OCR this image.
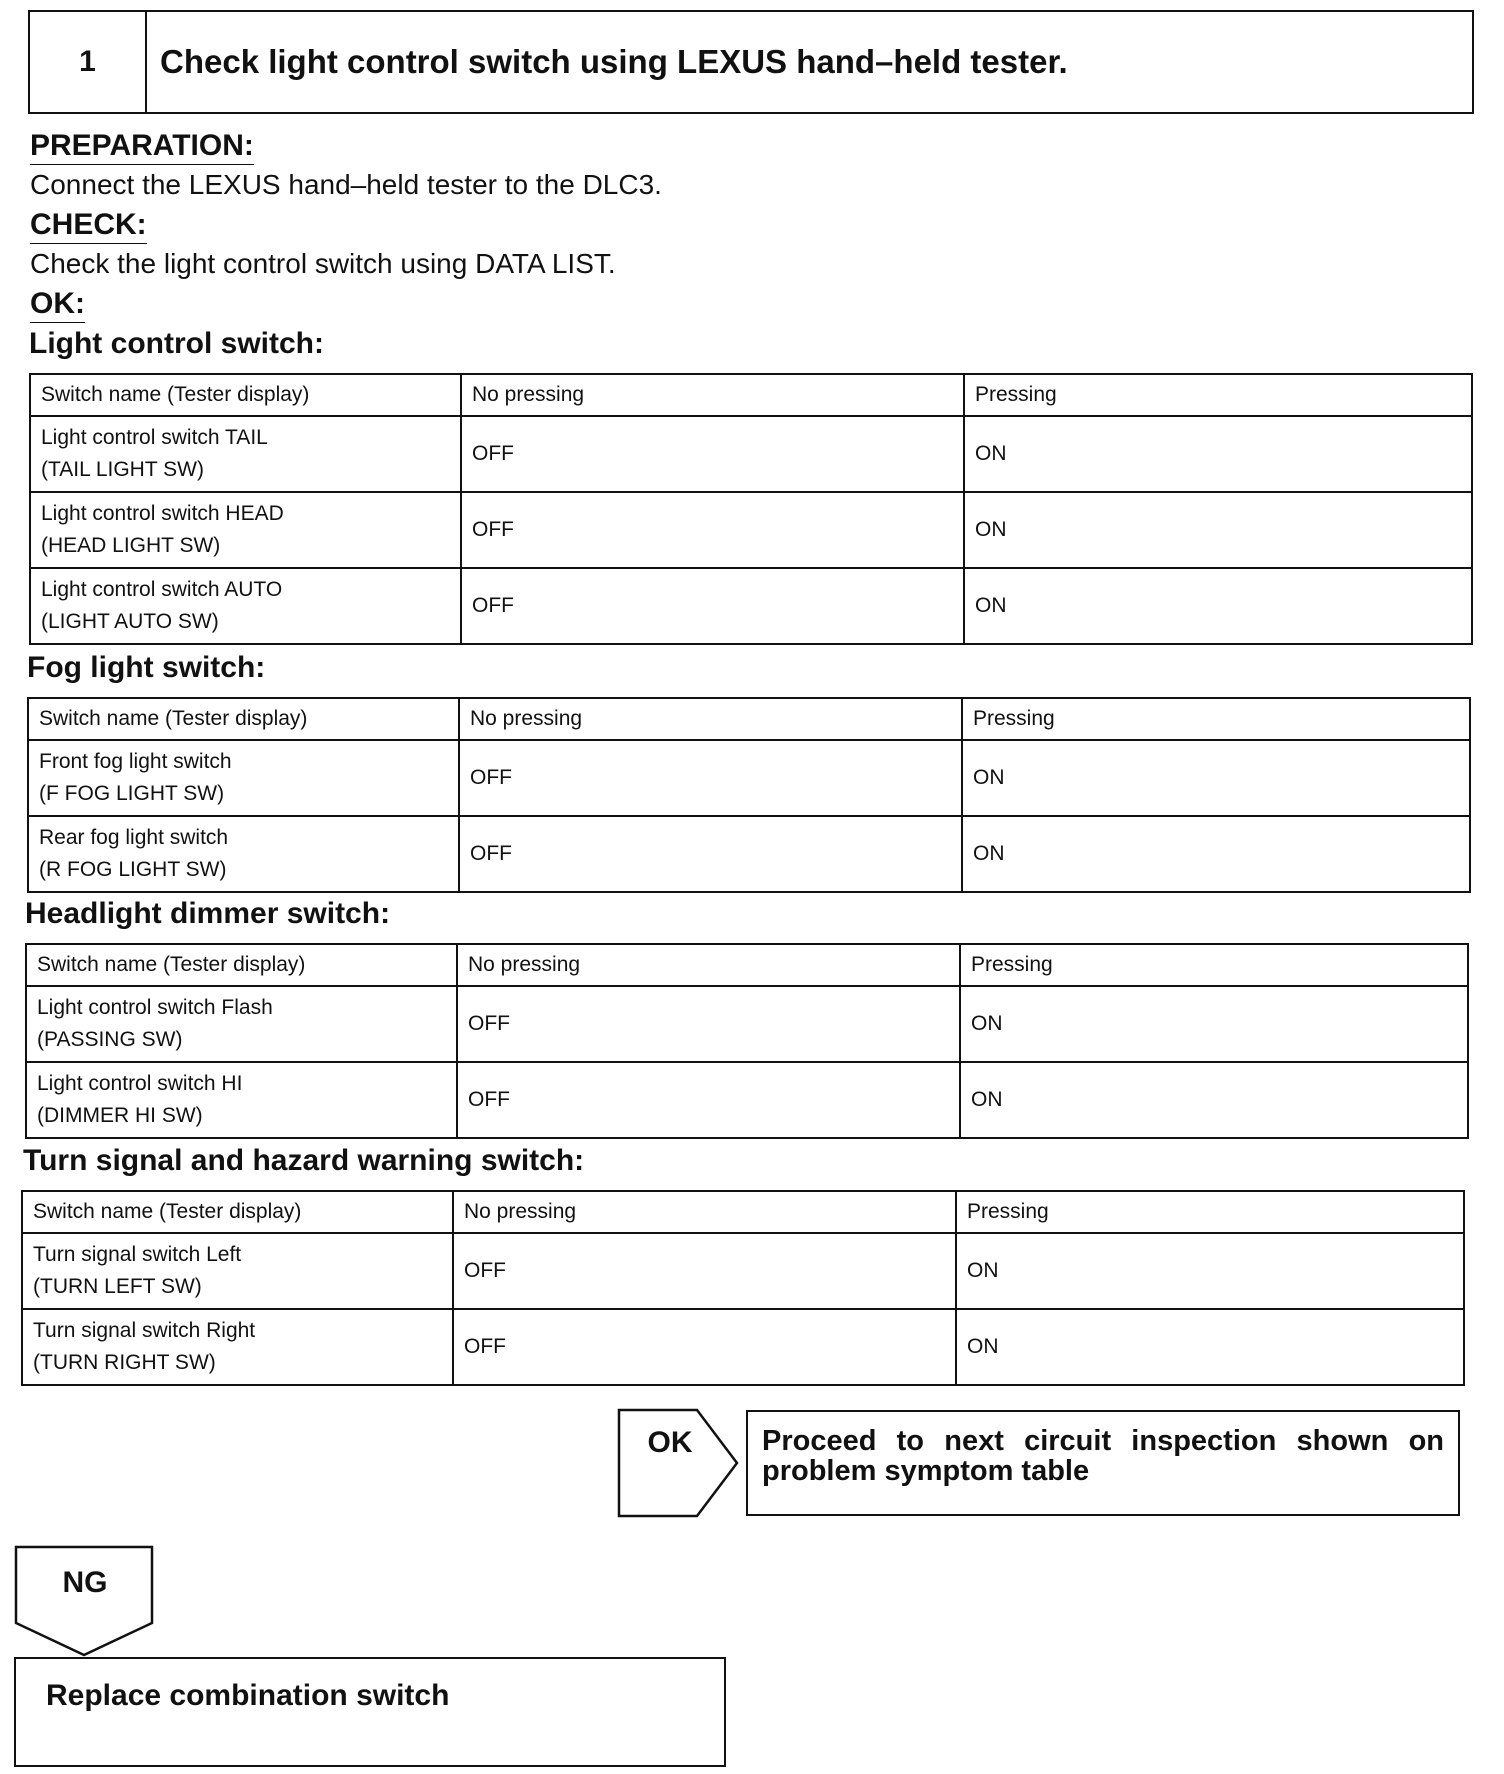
1	Check light control switch using LEXUS hand–held tester.
PREPARATION:
Connect the LEXUS hand–held tester to the DLC3.
CHECK:
Check the light control switch using DATA LIST.
OK:
Light control switch:
Switch name (Tester display)	No pressing	Pressing
Light control switch TAIL
(TAIL LIGHT SW)	OFF	ON
Light control switch HEAD
(HEAD LIGHT SW)	OFF	ON
Light control switch AUTO
(LIGHT AUTO SW)	OFF	ON
Fog light switch:
Switch name (Tester display)	No pressing	Pressing
Front fog light switch
(F FOG LIGHT SW)	OFF	ON
Rear fog light switch
(R FOG LIGHT SW)	OFF	ON
Headlight dimmer switch:
Switch name (Tester display)	No pressing	Pressing
Light control switch Flash
(PASSING SW)	OFF	ON
Light control switch HI
(DIMMER HI SW)	OFF	ON
Turn signal and hazard warning switch:
Switch name (Tester display)	No pressing	Pressing
Turn signal switch Left
(TURN LEFT SW)	OFF	ON
Turn signal switch Right
(TURN RIGHT SW)	OFF	ON
OK	Proceed to next circuit inspection shown on problem symptom table
NG
Replace combination switch
